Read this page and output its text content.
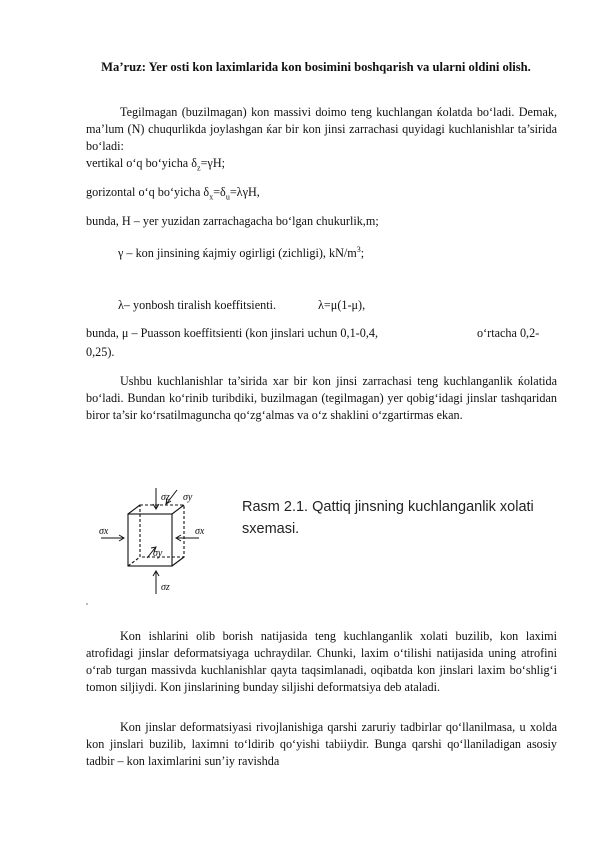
Ma’ruz: Yer osti kon laximlarida kon bosimini boshqarish va ularni oldini olish.
Tegilmagan (buzilmagan) kon massivi doimo teng kuchlangan ќolatda bo‘ladi. Demak, ma’lum (N) chuqurlikda joylashgan ќar bir kon jinsi zarrachasi quyidagi kuchlanishlar ta’sirida bo‘ladi:
vertikal o‘q bo‘yicha $\delta_z=\gamma H$;
gorizontal o‘q bo‘yicha $\delta_x=\delta_u=\lambda\gamma H$,
bunda, H – yer yuzidan zarrachagacha bo‘lgan chukurlik,m;
γ – kon jinsining ќajmiy ogirligi (zichligi), $kN/m^3$;
λ– yonbosh tiralish koeffitsienti.	λ=μ(1-μ),
bunda, μ – Puasson koeffitsienti (kon jinslari uchun 0,1-0,4,	o‘rtacha 0,2-
0,25).
Ushbu kuchlanishlar ta’sirida xar bir kon jinsi zarrachasi teng kuchlanganlik ќolatida bo‘ladi. Bundan ko‘rinib turibdiki, buzilmagan (tegilmagan) yer qobig‘idagi jinslar tashqaridan biror ta’sir ko‘rsatilmaguncha qo‘zg‘almas va o‘z shaklini o‘zgartirmas ekan.
σz σy
σx	σx
σy
σz
Rasm 2.1. Qattiq jinsning kuchlanganlik xolati sxemasi.
Kon ishlarini olib borish natijasida teng kuchlanganlik xolati buzilib, kon laximi atrofidagi jinslar deformatsiyaga uchraydilar. Chunki, laxim o‘tilishi natijasida uning atrofini o‘rab turgan massivda kuchlanishlar qayta taqsimlanadi, oqibatda kon jinslari laxim bo‘shlig‘i tomon siljiydi. Kon jinslarining bunday siljishi deformatsiya deb ataladi.
Kon jinslar deformatsiyasi rivojlanishiga qarshi zaruriy tadbirlar qo‘llanilmasa, u xolda kon jinslari buzilib, laximni to‘ldirib qo‘yishi tabiiydir. Bunga qarshi qo‘llaniladigan asosiy tadbir – kon laximlarini sun’iy ravishda
